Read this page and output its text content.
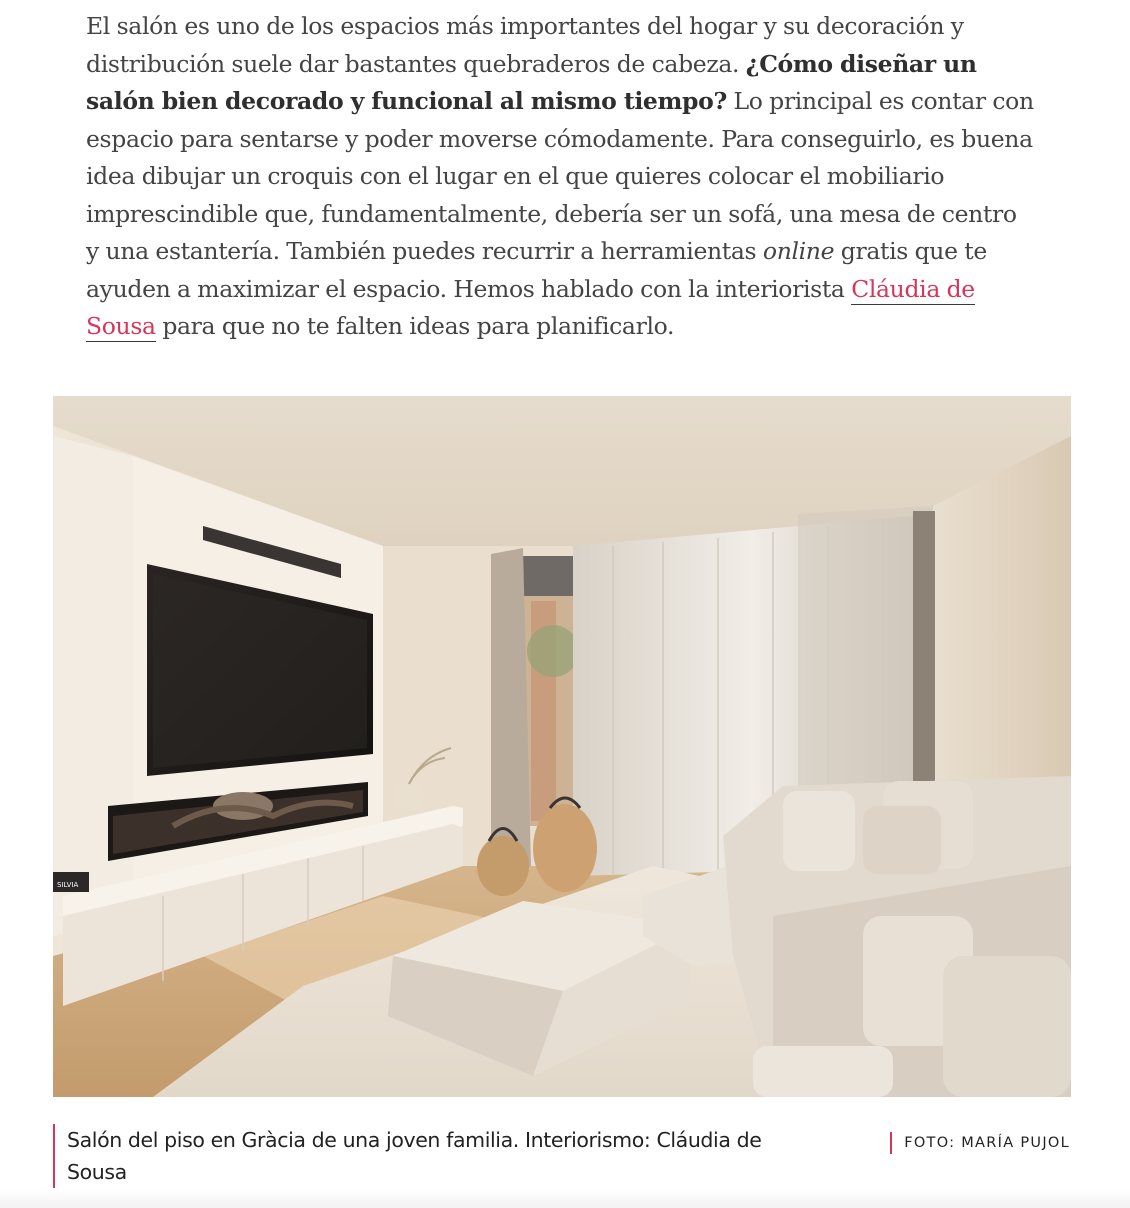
El salón es uno de los espacios más importantes del hogar y su decoración y distribución suele dar bastantes quebraderos de cabeza. ¿Cómo diseñar un salón bien decorado y funcional al mismo tiempo? Lo principal es contar con espacio para sentarse y poder moverse cómodamente. Para conseguirlo, es buena idea dibujar un croquis con el lugar en el que quieres colocar el mobiliario imprescindible que, fundamentalmente, debería ser un sofá, una mesa de centro y una estantería. También puedes recurrir a herramientas online gratis que te ayuden a maximizar el espacio. Hemos hablado con la interiorista Cláudia de Sousa para que no te falten ideas para planificarlo.
SILVIA
Salón del piso en Gràcia de una joven familia. Interiorismo: Cláudia de Sousa
FOTO: MARÍA PUJOL
